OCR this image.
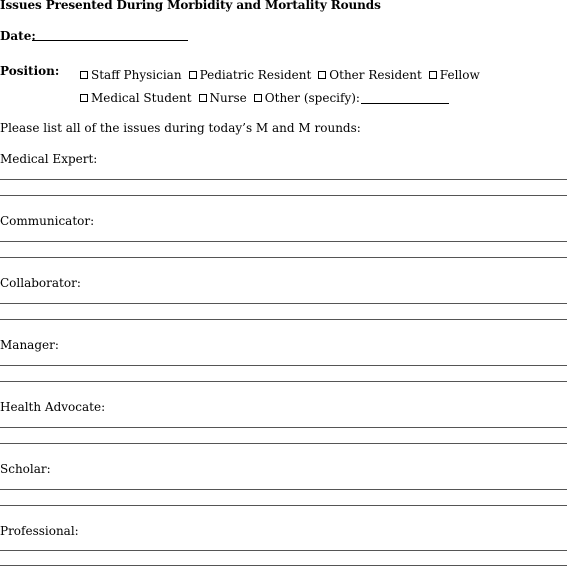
Issues Presented During Morbidity and Mortality Rounds
Date:
Position:	Staff Physician Pediatric Resident Other Resident Fellow
Medical Student Nurse Other (specify):
Please list all of the issues during today’s M and M rounds:
Medical Expert:
Communicator:
Collaborator:
Manager:
Health Advocate:
Scholar:
Professional:
